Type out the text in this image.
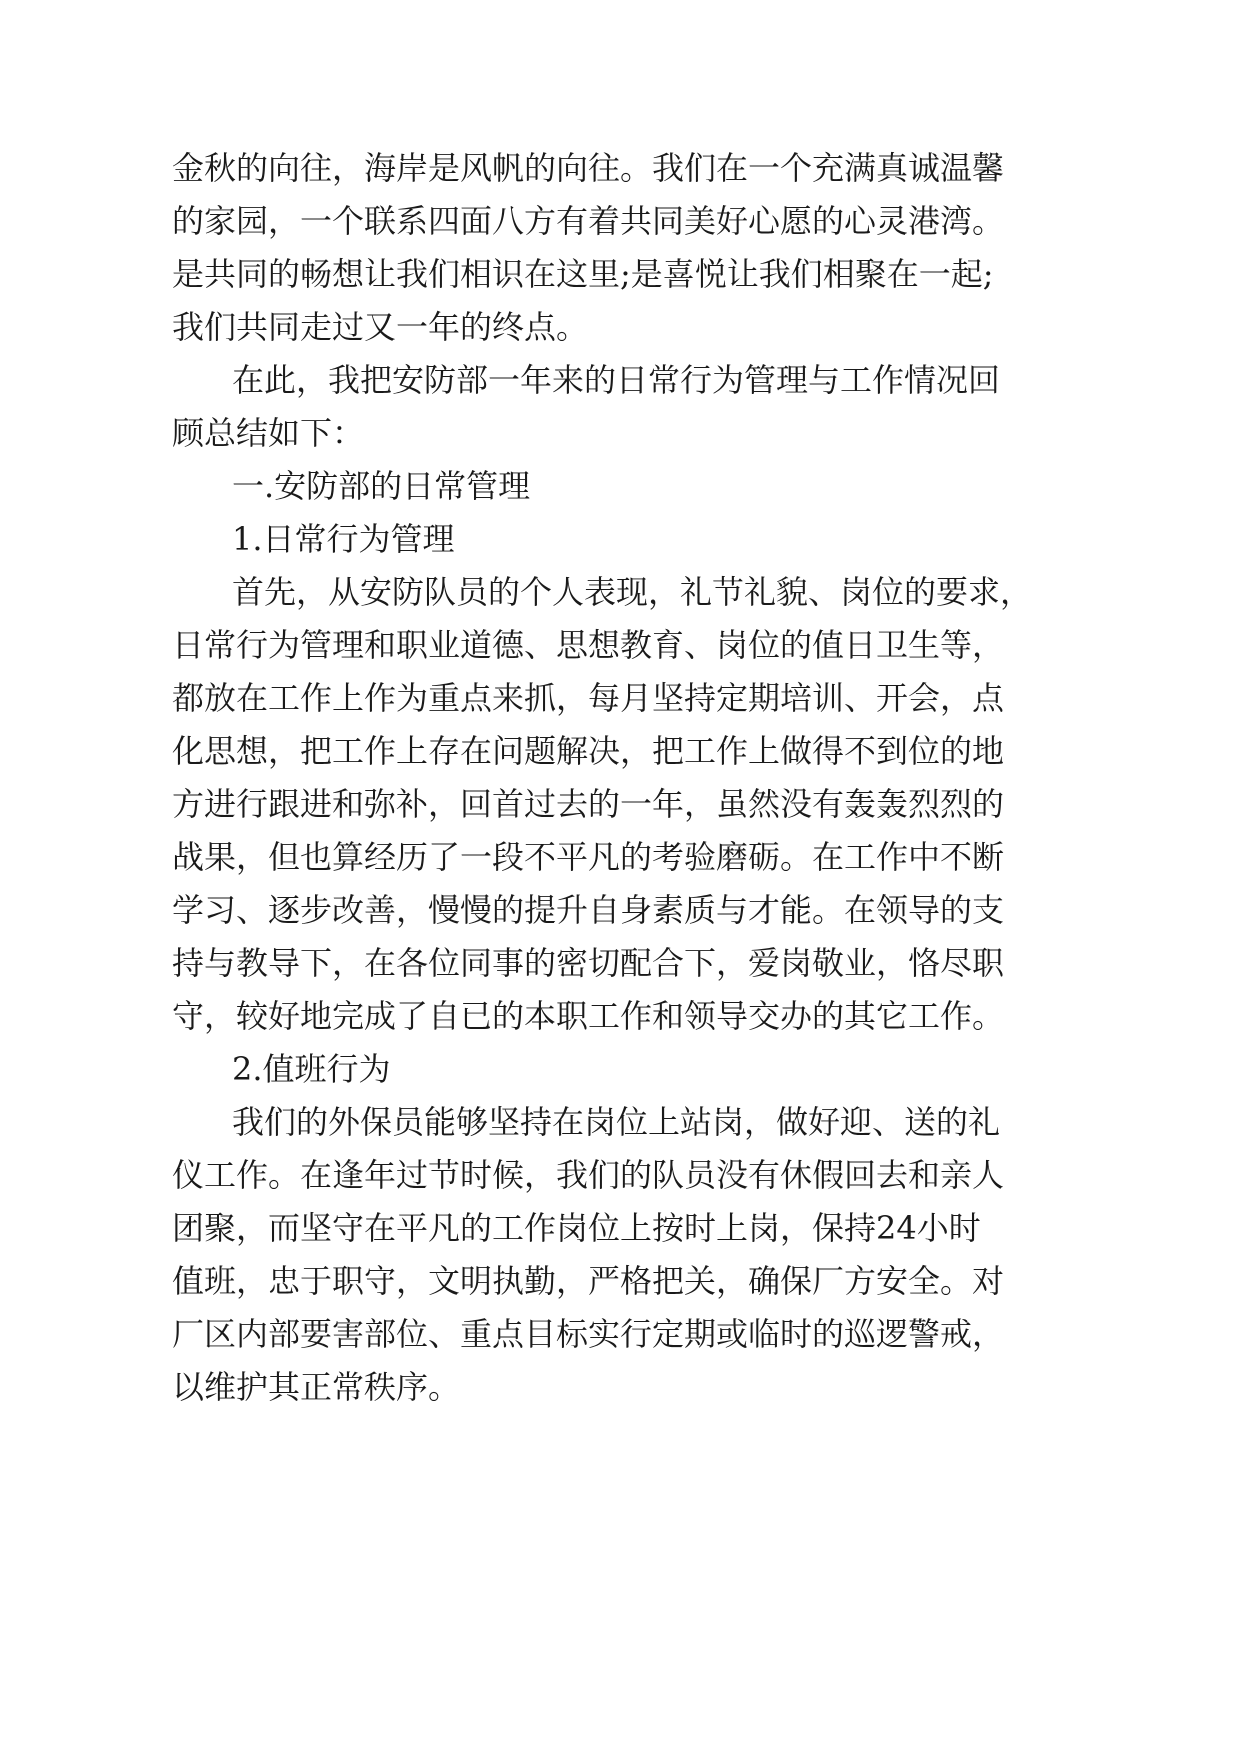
金秋的向往，海岸是风帆的向往。我们在一个充满真诚温馨
的家园，一个联系四面八方有着共同美好心愿的心灵港湾。
是共同的畅想让我们相识在这里;是喜悦让我们相聚在一起;
我们共同走过又一年的终点。
在此，我把安防部一年来的日常行为管理与工作情况回
顾总结如下：
一.安防部的日常管理
1.日常行为管理
首先，从安防队员的个人表现，礼节礼貌、岗位的要求，
日常行为管理和职业道德、思想教育、岗位的值日卫生等，
都放在工作上作为重点来抓，每月坚持定期培训、开会，点
化思想，把工作上存在问题解决，把工作上做得不到位的地
方进行跟进和弥补，回首过去的一年，虽然没有轰轰烈烈的
战果，但也算经历了一段不平凡的考验磨砺。在工作中不断
学习、逐步改善，慢慢的提升自身素质与才能。在领导的支
持与教导下，在各位同事的密切配合下，爱岗敬业，恪尽职
守，较好地完成了自已的本职工作和领导交办的其它工作。
2.值班行为
我们的外保员能够坚持在岗位上站岗，做好迎、送的礼
仪工作。在逢年过节时候，我们的队员没有休假回去和亲人
团聚，而坚守在平凡的工作岗位上按时上岗，保持24小时
值班，忠于职守，文明执勤，严格把关，确保厂方安全。对
厂区内部要害部位、重点目标实行定期或临时的巡逻警戒，
以维护其正常秩序。
